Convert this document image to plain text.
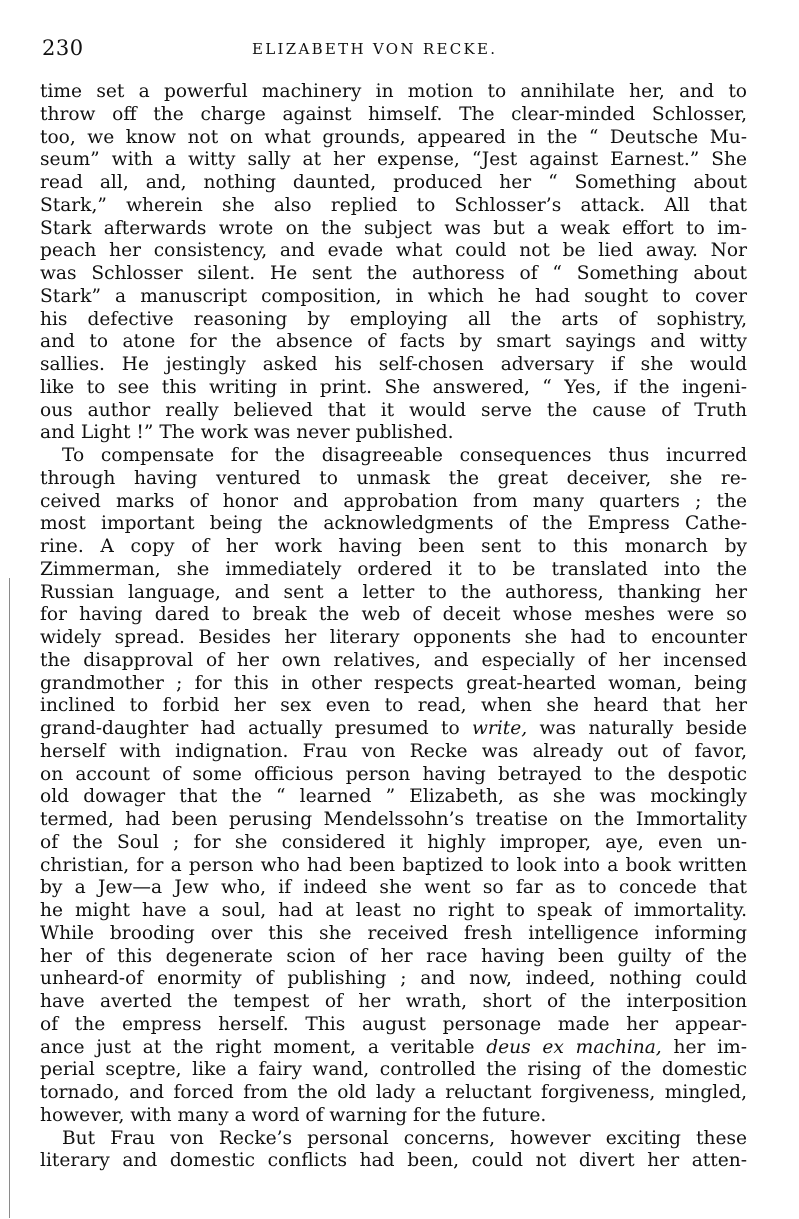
230	ELIZABETH VON RECKE.
time set a powerful machinery in motion to annihilate her, and to
throw off the charge against himself. The clear-minded Schlosser,
too, we know not on what grounds, appeared in the “ Deutsche Mu-
seum” with a witty sally at her expense, “Jest against Earnest.” She
read all, and, nothing daunted, produced her “ Something about
Stark,” wherein she also replied to Schlosser’s attack. All that
Stark afterwards wrote on the subject was but a weak effort to im-
peach her consistency, and evade what could not be lied away. Nor
was Schlosser silent. He sent the authoress of “ Something about
Stark” a manuscript composition, in which he had sought to cover
his defective reasoning by employing all the arts of sophistry,
and to atone for the absence of facts by smart sayings and witty
sallies. He jestingly asked his self-chosen adversary if she would
like to see this writing in print. She answered, “ Yes, if the ingeni-
ous author really believed that it would serve the cause of Truth
and Light !” The work was never published.
To compensate for the disagreeable consequences thus incurred
through having ventured to unmask the great deceiver, she re-
ceived marks of honor and approbation from many quarters ; the
most important being the acknowledgments of the Empress Cathe-
rine. A copy of her work having been sent to this monarch by
Zimmerman, she immediately ordered it to be translated into the
Russian language, and sent a letter to the authoress, thanking her
for having dared to break the web of deceit whose meshes were so
widely spread. Besides her literary opponents she had to encounter
the disapproval of her own relatives, and especially of her incensed
grandmother ; for this in other respects great-hearted woman, being
inclined to forbid her sex even to read, when she heard that her
grand-daughter had actually presumed to write, was naturally beside
herself with indignation. Frau von Recke was already out of favor,
on account of some officious person having betrayed to the despotic
old dowager that the “ learned ” Elizabeth, as she was mockingly
termed, had been perusing Mendelssohn’s treatise on the Immortality
of the Soul ; for she considered it highly improper, aye, even un-
christian, for a person who had been baptized to look into a book written
by a Jew—a Jew who, if indeed she went so far as to concede that
he might have a soul, had at least no right to speak of immortality.
While brooding over this she received fresh intelligence informing
her of this degenerate scion of her race having been guilty of the
unheard-of enormity of publishing ; and now, indeed, nothing could
have averted the tempest of her wrath, short of the interposition
of the empress herself. This august personage made her appear-
ance just at the right moment, a veritable deus ex machina, her im-
perial sceptre, like a fairy wand, controlled the rising of the domestic
tornado, and forced from the old lady a reluctant forgiveness, mingled,
however, with many a word of warning for the future.
But Frau von Recke’s personal concerns, however exciting these
literary and domestic conflicts had been, could not divert her atten-
